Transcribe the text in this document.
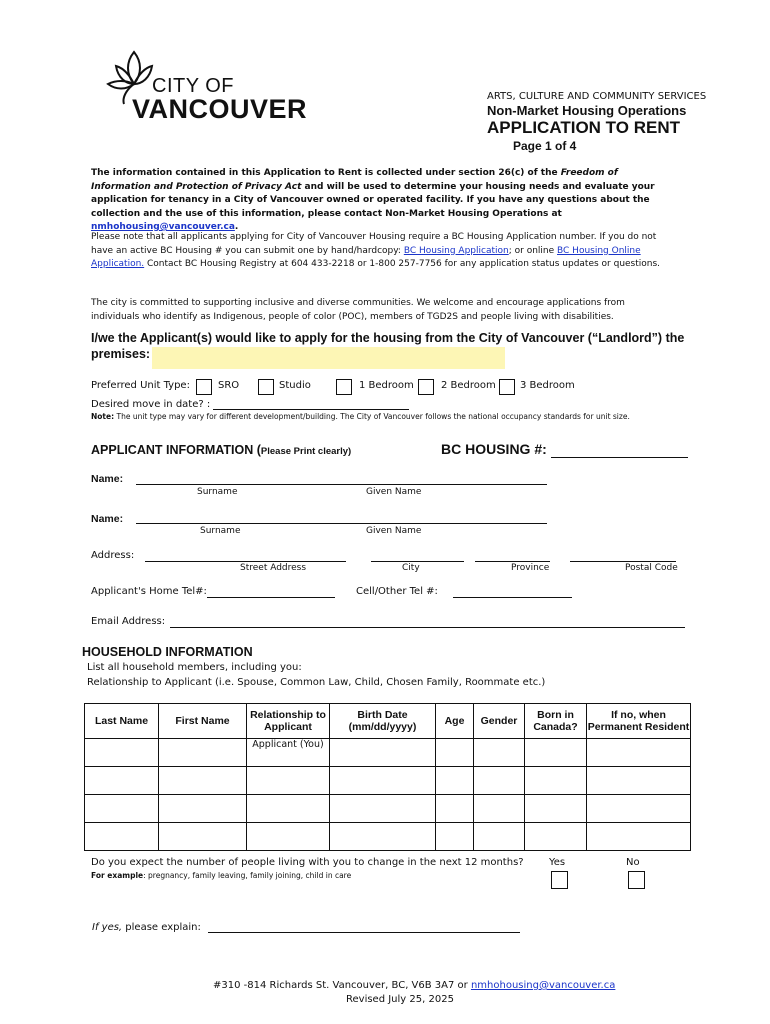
CITY OF
VANCOUVER	ARTS, CULTURE AND COMMUNITY SERVICES
Non-Market Housing Operations
APPLICATION TO RENT
Page 1 of 4
The information contained in this Application to Rent is collected under section 26(c) of the Freedom of Information and Protection of Privacy Act and will be used to determine your housing needs and evaluate your application for tenancy in a City of Vancouver owned or operated facility. If you have any questions about the collection and the use of this information, please contact Non-Market Housing Operations at nmhohousing@vancouver.ca.
Please note that all applicants applying for City of Vancouver Housing require a BC Housing Application number. If you do not have an active BC Housing # you can submit one by hand/hardcopy: BC Housing Application; or online BC Housing Online Application. Contact BC Housing Registry at 604 433-2218 or 1-800 257-7756 for any application status updates or questions.
The city is committed to supporting inclusive and diverse communities. We welcome and encourage applications from individuals who identify as Indigenous, people of color (POC), members of TGD2S and people living with disabilities.
I/we the Applicant(s) would like to apply for the housing from the City of Vancouver (“Landlord”) the
premises:
Preferred Unit Type:	SRO	Studio	1 Bedroom	2 Bedroom 3 Bedroom
Desired move in date? :
Note: The unit type may vary for different development/building. The City of Vancouver follows the national occupancy standards for unit size.
APPLICANT INFORMATION (Please Print clearly)	BC HOUSING #:
Name:
Surname	Given Name
Name:
Surname	Given Name
Address:
Street Address	City	Province	Postal Code
Applicant's Home Tel#:	Cell/Other Tel #:
Email Address:
HOUSEHOLD INFORMATION
List all household members, including you:
Relationship to Applicant (i.e. Spouse, Common Law, Child, Chosen Family, Roommate etc.)
Last Name	First Name	Relationship to Applicant	Birth Date (mm/dd/yyyy)	Age	Gender	Born in Canada?	If no, when Permanent Resident
		Applicant (You)					

Do you expect the number of people living with you to change in the next 12 months?
For example: pregnancy, family leaving, family joining, child in care
Yes	No
If yes, please explain:
#310 -814 Richards St. Vancouver, BC, V6B 3A7 or nmhohousing@vancouver.ca
Revised July 25, 2025
